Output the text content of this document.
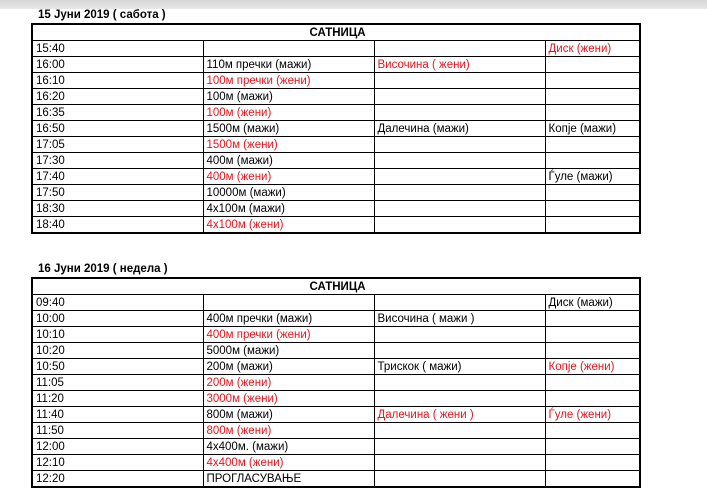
15 Јуни 2019 ( сабота )
САТНИЦА			
15:40			Диск (жени)
16:00	110м пречки (мажи)	Височина ( жени)	
16:10	100м пречки (жени)		
16:20	100м (мажи)		
16:35	100м (жени)		
16:50	1500м (мажи)	Далечина (мажи)	Копје (мажи)
17:05	1500м (жени)		
17:30	400м (мажи)		
17:40	400м (жени)		Ѓуле (мажи)
17:50	10000м (мажи)		
18:30	4x100м (мажи)		
18:40	4x100м (жени)		
16 Јуни 2019 ( недела )
САТНИЦА			
09:40			Диск (мажи)
10:00	400м пречки (мажи)	Височина ( мажи )	
10:10	400м пречки (жени)		
10:20	5000м (мажи)		
10:50	200м (мажи)	Трискок ( мажи)	Копје (жени)
11:05	200м (жени)		
11:20	3000м (жени)		
11:40	800м (мажи)	Далечина ( жени )	Ѓуле (жени)
11:50	800м (жени)		
12:00	4x400м. (мажи)		
12:10	4x400м (жени)		
12:20	ПРОГЛАСУВАЊЕ		
